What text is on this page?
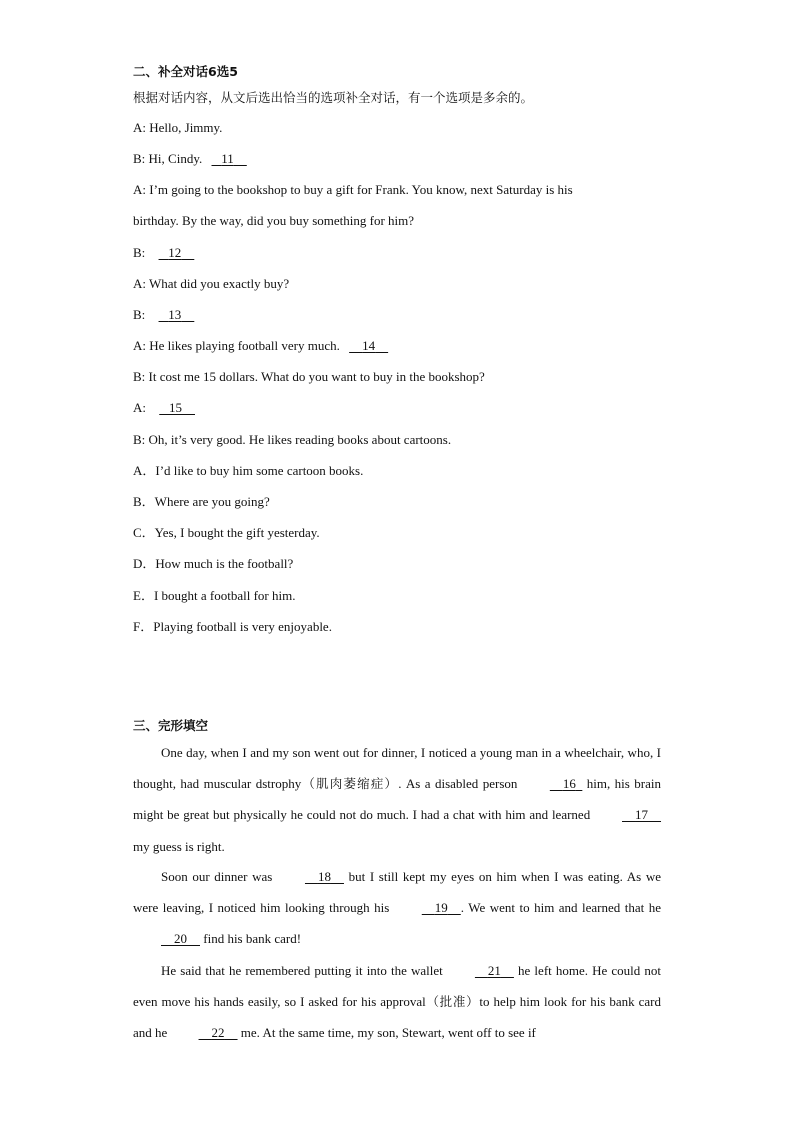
二、补全对话6选5
根据对话内容，从文后选出恰当的选项补全对话，有一个选项是多余的。
A: Hello, Jimmy.
B: Hi, Cindy. 11
A: I’m going to the bookshop to buy a gift for Frank. You know, next Saturday is his
birthday. By the way, did you buy something for him?
B: 12
A: What did you exactly buy?
B: 13
A: He likes playing football very much. 14
B: It cost me 15 dollars. What do you want to buy in the bookshop?
A: 15
B: Oh, it’s very good. He likes reading books about cartoons.
A．I’d like to buy him some cartoon books.
B．Where are you going?
C．Yes, I bought the gift yesterday.
D．How much is the football?
E．I bought a football for him.
F．Playing football is very enjoyable.
三、完形填空
One day, when I and my son went out for dinner, I noticed a young man in a wheelchair, who, I thought, had muscular dstrophy（肌肉萎缩症）. As a disabled person	16 him, his brain might be great but physically he could not do much. I had a chat with him and learned	17     my guess is right.
Soon our dinner was	18 but I still kept my eyes on him when I was eating. As we were leaving, I noticed him looking through his	19 . We went to him and learned that he     20 find his bank card!
He said that he remembered putting it into the wallet	21 he left home. He could not even move his hands easily, so I asked for his approval（批准）to help him look for his bank card and he	22 me. At the same time, my son, Stewart, went off to see if
